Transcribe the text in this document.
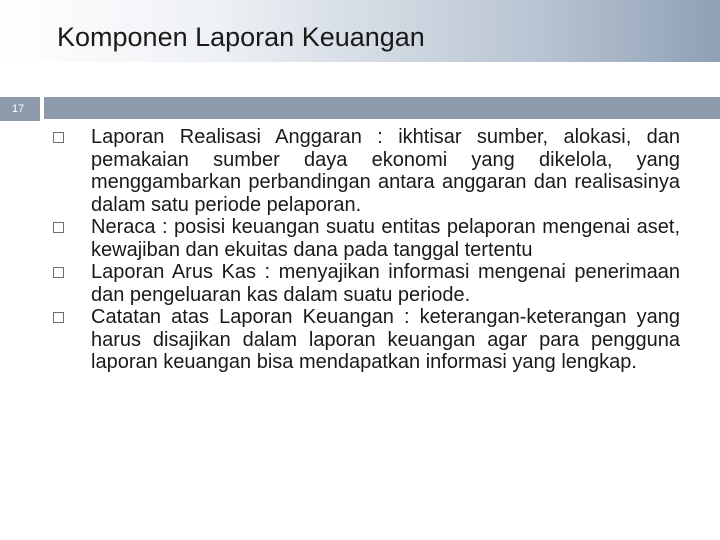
Komponen Laporan Keuangan
17
Laporan Realisasi Anggaran : ikhtisar sumber, alokasi, dan pemakaian sumber daya ekonomi yang dikelola, yang menggambarkan perbandingan antara anggaran dan realisasinya dalam satu periode pelaporan.
Neraca : posisi keuangan suatu entitas pelaporan mengenai aset, kewajiban dan ekuitas dana pada tanggal tertentu
Laporan Arus Kas : menyajikan informasi mengenai penerimaan dan pengeluaran kas dalam suatu periode.
Catatan atas Laporan Keuangan : keterangan-keterangan yang harus disajikan dalam laporan keuangan agar para pengguna laporan keuangan bisa mendapatkan informasi yang lengkap.
